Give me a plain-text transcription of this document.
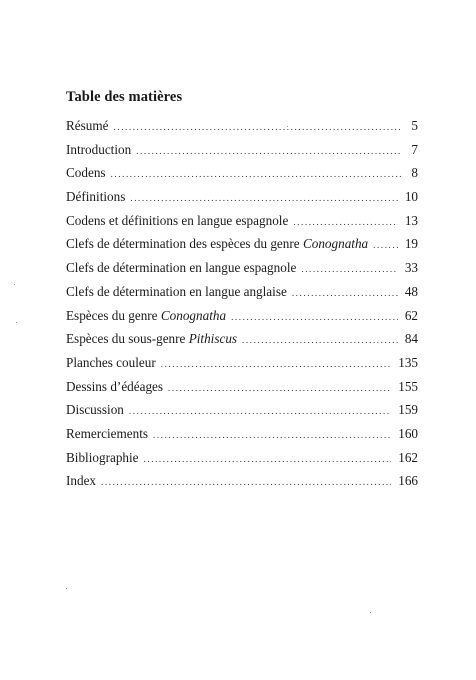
Table des matières
Résumé .....	5
Introduction .....	7
Codens .....	8
Définitions .....	10
Codens et définitions en langue espagnole .....	13
Clefs de détermination des espèces du genre Conognatha .....	19
Clefs de détermination en langue espagnole .....	33
Clefs de détermination en langue anglaise .....	48
Espèces du genre Conognatha .....	62
Espèces du sous-genre Pithiscus .....	84
Planches couleur .....	135
Dessins d’édéages .....	155
Discussion .....	159
Remerciements .....	160
Bibliographie .....	162
Index .....	166
